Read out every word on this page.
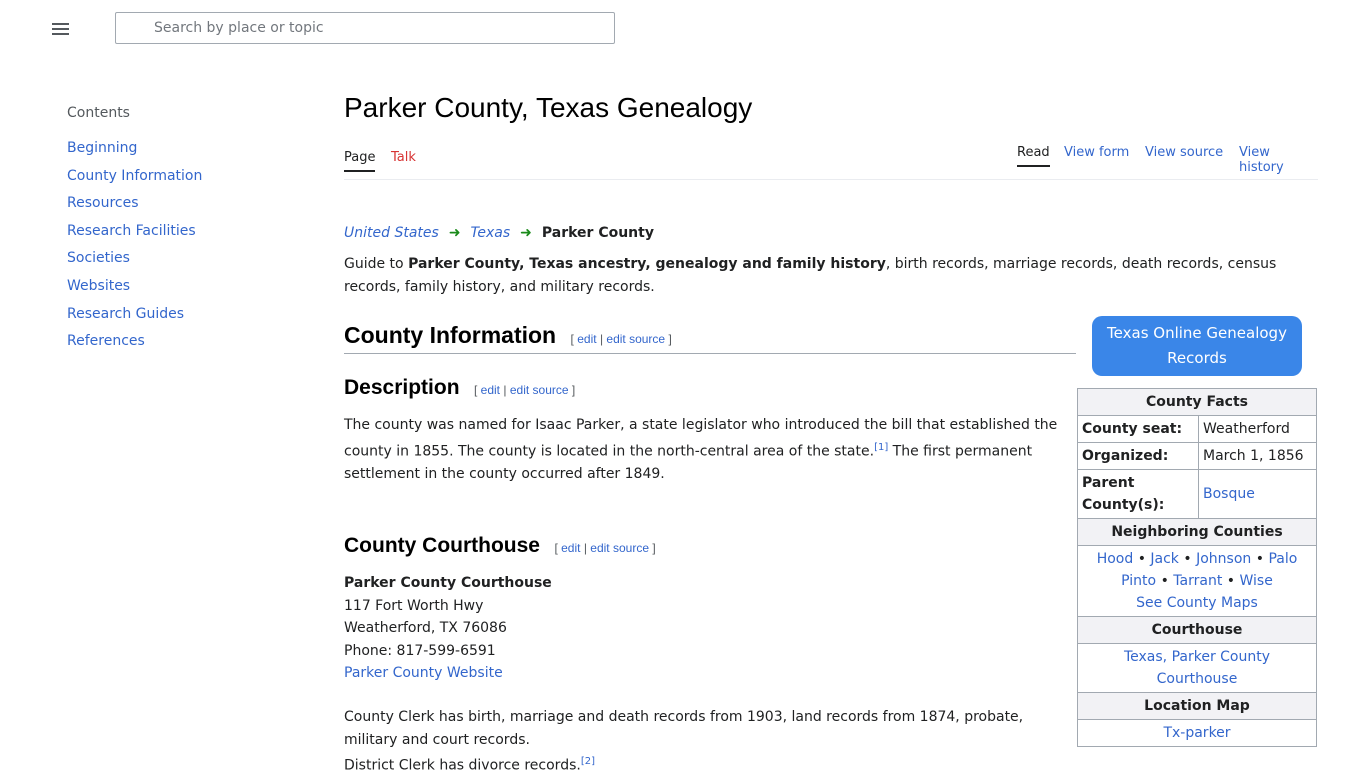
Search by place or topic
Contents
Beginning
County Information
Resources
Research Facilities
Societies
Websites
Research Guides
References
Parker County, Texas Genealogy
Page Talk	Read View form View source View history
United States ➜ Texas ➜ Parker County
Guide to Parker County, Texas ancestry, genealogy and family history, birth records, marriage records, death records, census records, family history, and military records.
County Information [ edit | edit source ]
Description [ edit | edit source ]
The county was named for Isaac Parker, a state legislator who introduced the bill that established the county in 1855. The county is located in the north-central area of the state.[1] The first permanent settlement in the county occurred after 1849.
County Courthouse [ edit | edit source ]
Parker County Courthouse
117 Fort Worth Hwy
Weatherford, TX 76086
Phone: 817-599-6591
Parker County Website
County Clerk has birth, marriage and death records from 1903, land records from 1874, probate, military and court records.
District Clerk has divorce records.[2]
Texas Online Genealogy Records
County Facts	
County seat:	Weatherford
Organized:	March 1, 1856
Parent County(s):	Bosque
Neighboring Counties	
Hood • Jack • Johnson • Palo Pinto • Tarrant • Wise
See County Maps	
Courthouse	
Texas, Parker County Courthouse	
Location Map	
Tx-parker	
